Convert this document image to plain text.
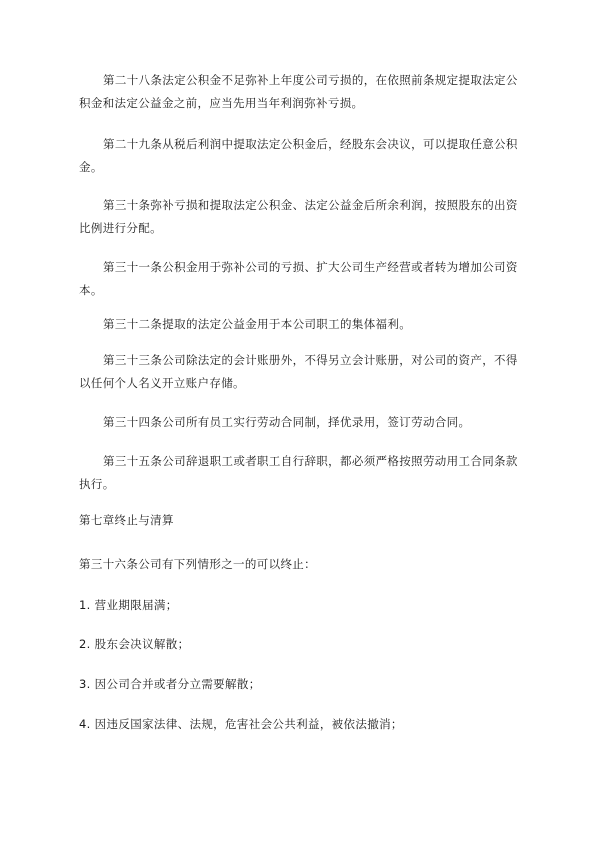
第二十八条法定公积金不足弥补上年度公司亏损的，在依照前条规定提取法定公
积金和法定公益金之前，应当先用当年利润弥补亏损。

第二十九条从税后利润中提取法定公积金后，经股东会决议，可以提取任意公积
金。

第三十条弥补亏损和提取法定公积金、法定公益金后所余利润，按照股东的出资
比例进行分配。

第三十一条公积金用于弥补公司的亏损、扩大公司生产经营或者转为增加公司资
本。

第三十二条提取的法定公益金用于本公司职工的集体福利。

第三十三条公司除法定的会计账册外，不得另立会计账册，对公司的资产，不得
以任何个人名义开立账户存储。

第三十四条公司所有员工实行劳动合同制，择优录用，签订劳动合同。

第三十五条公司辞退职工或者职工自行辞职，都必须严格按照劳动用工合同条款
执行。

第七章终止与清算

第三十六条公司有下列情形之一的可以终止：

1. 营业期限届满；

2. 股东会决议解散；

3. 因公司合并或者分立需要解散；

4. 因违反国家法律、法规，危害社会公共利益，被依法撤消；
